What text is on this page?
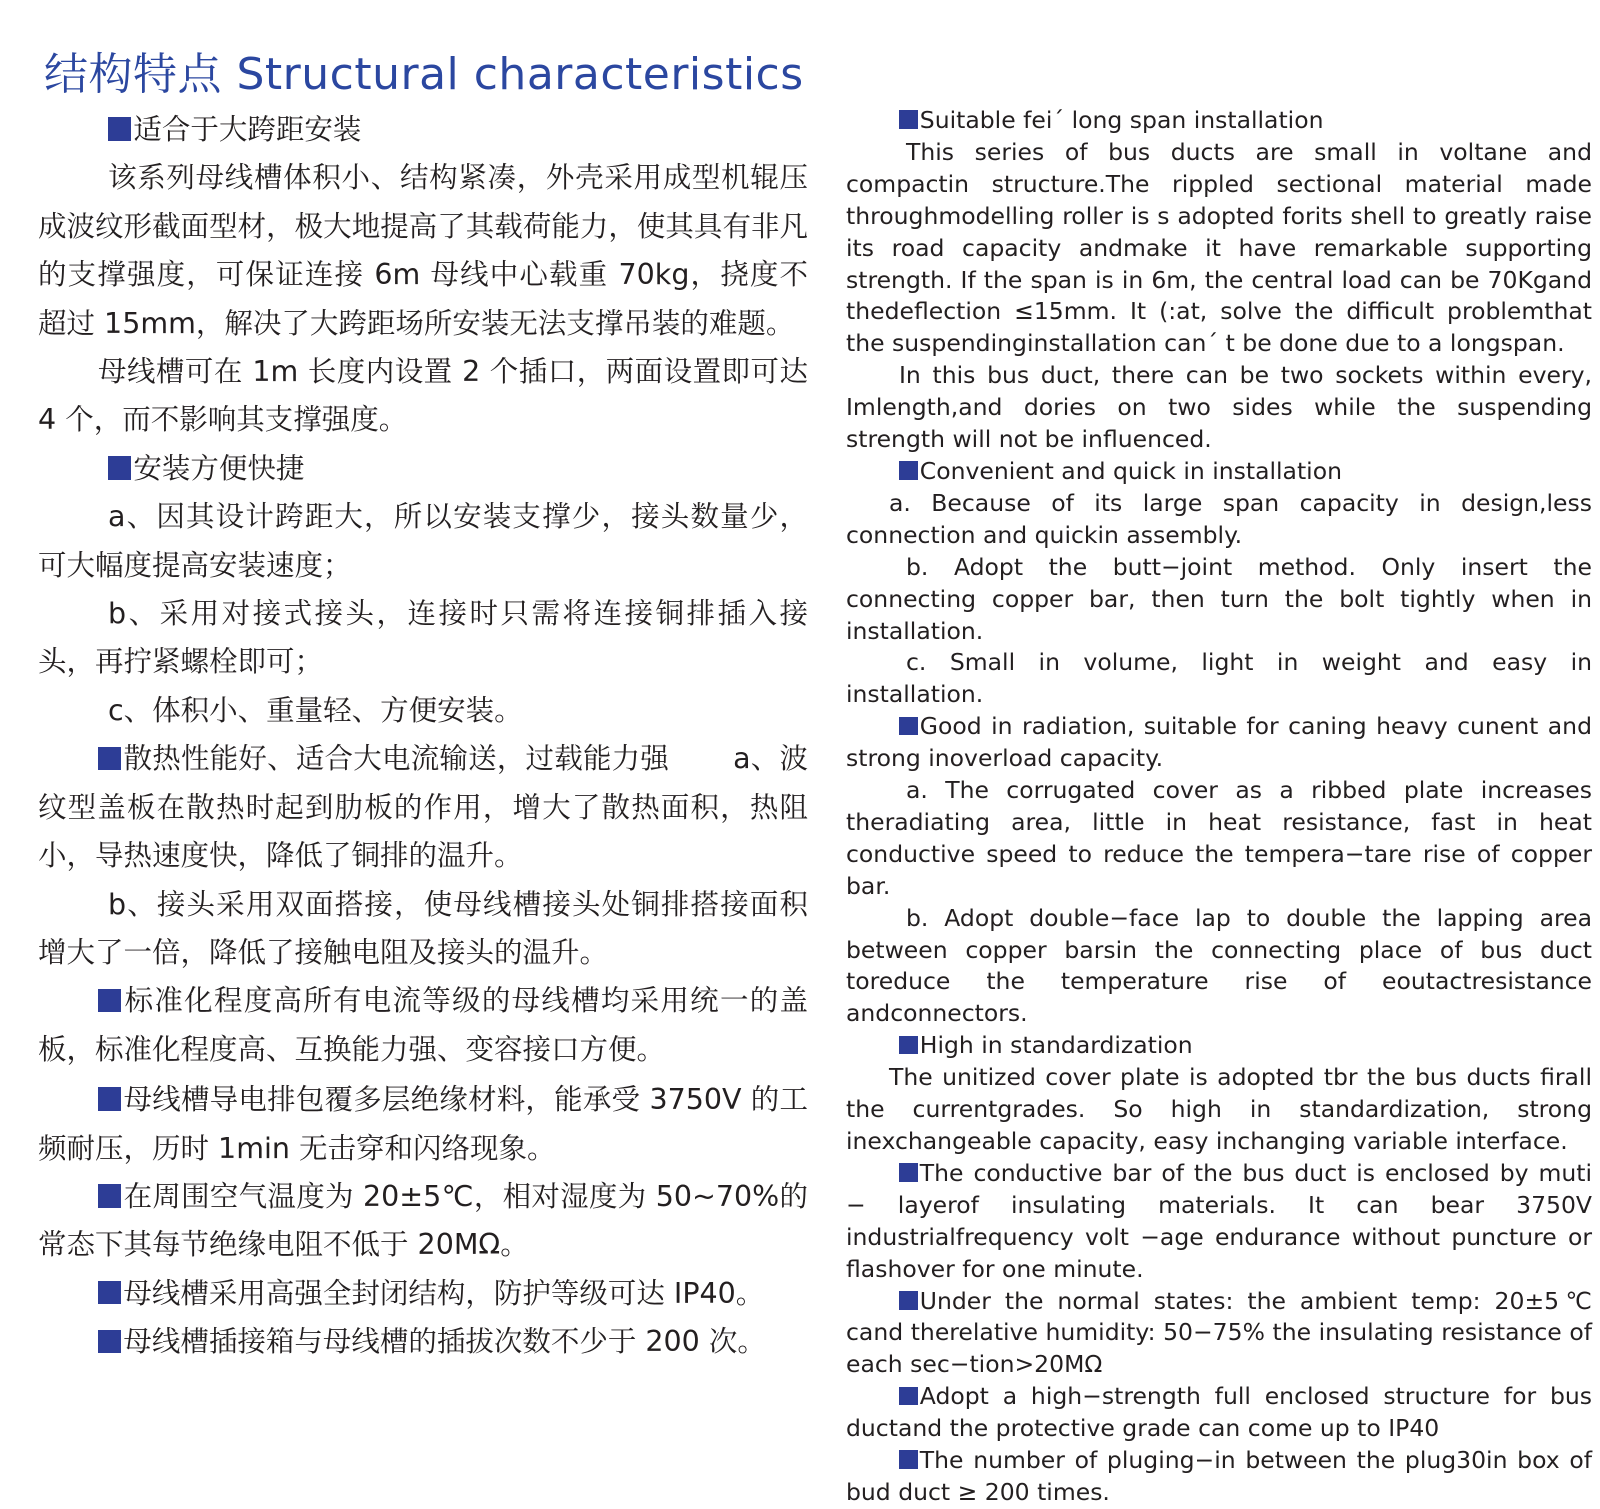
结构特点 Structural characteristics

适合于大跨距安装

该系列母线槽体积小、结构紧凑，外壳采用成型机辊压成波纹形截面型材，极大地提高了其载荷能力，使其具有非凡的支撑强度，可保证连接 6m 母线中心载重 70kg，挠度不超过 15mm，解决了大跨距场所安装无法支撑吊装的难题。

母线槽可在 1m 长度内设置 2 个插口，两面设置即可达 4 个，而不影响其支撑强度。

安装方便快捷

a、因其设计跨距大，所以安装支撑少，接头数量少，可大幅度提高安装速度；

b、采用对接式接头，连接时只需将连接铜排插入接头，再拧紧螺栓即可；

c、体积小、重量轻、方便安装。

散热性能好、适合大电流输送，过载能力强 a、波纹型盖板在散热时起到肋板的作用，增大了散热面积，热阻小，导热速度快，降低了铜排的温升。

b、接头采用双面搭接，使母线槽接头处铜排搭接面积增大了一倍，降低了接触电阻及接头的温升。

标准化程度高所有电流等级的母线槽均采用统一的盖板，标准化程度高、互换能力强、变容接口方便。

母线槽导电排包覆多层绝缘材料，能承受 3750V 的工频耐压，历时 1min 无击穿和闪络现象。

在周围空气温度为 20±5℃，相对湿度为 50~70%的常态下其每节绝缘电阻不低于 20MΩ。

母线槽采用高强全封闭结构，防护等级可达 IP40。

母线槽插接箱与母线槽的插拔次数不少于 200 次。

Suitable fei´ long span installation

This series of bus ducts are small in voltane and compactin structure.The rippled sectional material made throughmodelling roller is s adopted forits shell to greatly raise its road capacity andmake it have remarkable supporting strength. If the span is in 6m, the central load can be 70Kgand thedeflection ≤15mm. It (:at, solve the difficult problemthat the suspendinginstallation can´ t be done due to a longspan.

In this bus duct, there can be two sockets within every, Imlength,and dories on two sides while the suspending strength will not be influenced.

Convenient and quick in installation

a. Because of its large span capacity in design,less connection and quickin assembly.

b. Adopt the butt−joint method. Only insert the connecting copper bar, then turn the bolt tightly when in installation.

c. Small in volume, light in weight and easy in installation.

Good in radiation, suitable for caning heavy cunent and strong inoverload capacity.

a. The corrugated cover as a ribbed plate increases theradiating area, little in heat resistance, fast in heat conductive speed to reduce the tempera−tare rise of copper bar.

b. Adopt double−face lap to double the lapping area between copper barsin the connecting place of bus duct toreduce the temperature rise of eoutactresistance andconnectors.

High in standardization

The unitized cover plate is adopted tbr the bus ducts firall the currentgrades. So high in standardization, strong inexchangeable capacity, easy inchanging variable interface.

The conductive bar of the bus duct is enclosed by muti − layerof insulating materials. It can bear 3750V industrialfrequency volt −age endurance without puncture or flashover for one minute.

Under the normal states: the ambient temp: 20±5℃ cand therelative humidity: 50−75% the insulating resistance of each sec−tion>20MΩ

Adopt a high−strength full enclosed structure for bus ductand the protective grade can come up to IP40

The number of pluging−in between the plug30in box of bud duct ≥ 200 times.
